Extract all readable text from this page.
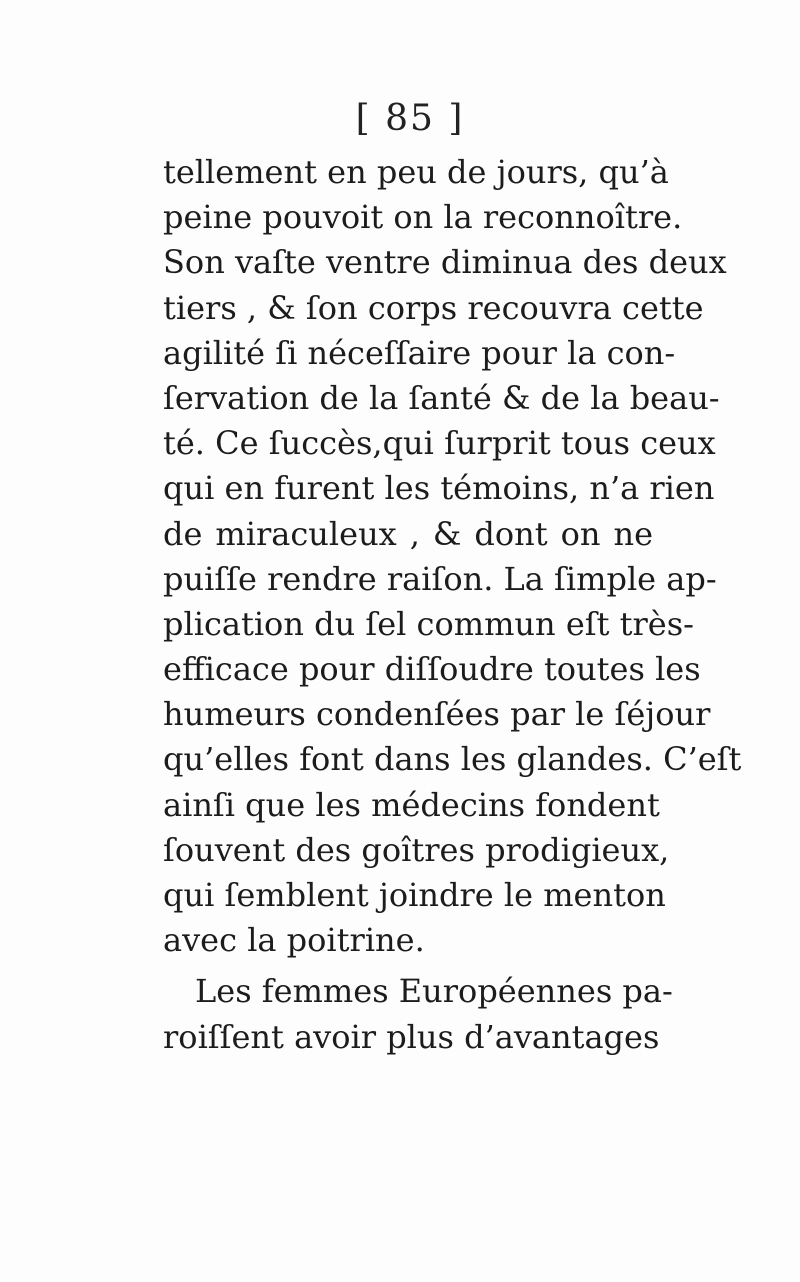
[ 85 ]
tellement en peu de jours, qu’à
peine pouvoit on la reconnoître.
Son vaſte ventre diminua des deux
tiers , & ſon corps recouvra cette
agilité ſi néceſſaire pour la con-
ſervation de la ſanté & de la beau-
té. Ce ſuccès,qui ſurprit tous ceux
qui en furent les témoins, n’a rien
de miraculeux , & dont on ne
puiſſe rendre raiſon. La ſimple ap-
plication du ſel commun eſt très-
efficace pour diſſoudre toutes les
humeurs condenſées par le ſéjour
qu’elles font dans les glandes. C’eſt
ainſi que les médecins fondent
ſouvent des goîtres prodigieux,
qui ſemblent joindre le menton
avec la poitrine.
Les femmes Européennes pa-
roiſſent avoir plus d’avantages
